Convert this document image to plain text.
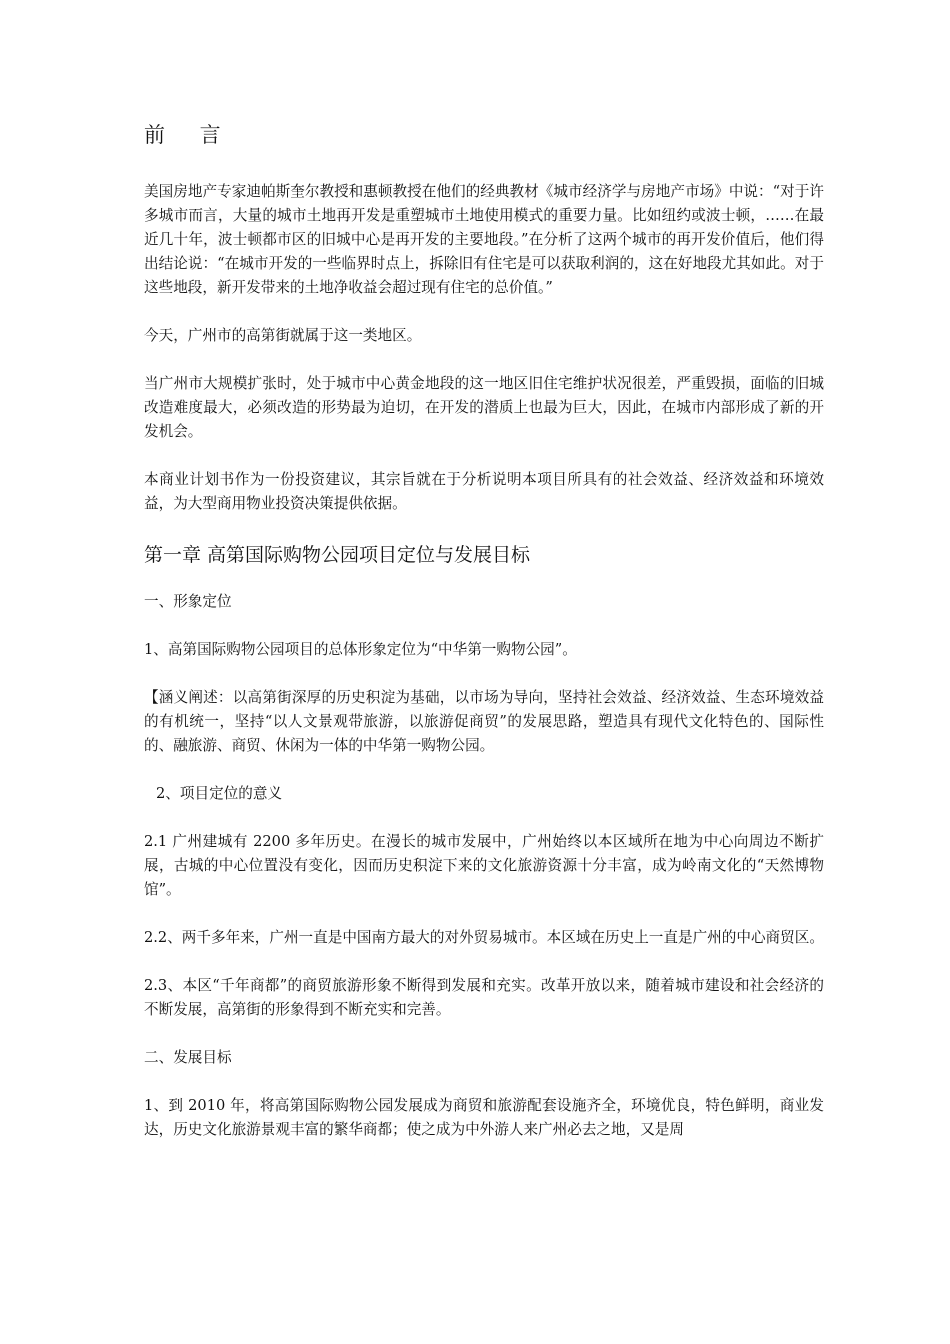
前 言

美国房地产专家迪帕斯奎尔教授和惠顿教授在他们的经典教材《城市经济学与房地产市场》中说：“对于许多城市而言，大量的城市土地再开发是重塑城市土地使用模式的重要力量。比如纽约或波士顿，……在最近几十年，波士顿都市区的旧城中心是再开发的主要地段。”在分析了这两个城市的再开发价值后，他们得出结论说：“在城市开发的一些临界时点上，拆除旧有住宅是可以获取利润的，这在好地段尤其如此。对于这些地段，新开发带来的土地净收益会超过现有住宅的总价值。”

今天，广州市的高第街就属于这一类地区。

当广州市大规模扩张时，处于城市中心黄金地段的这一地区旧住宅维护状况很差，严重毁损，面临的旧城改造难度最大，必须改造的形势最为迫切，在开发的潜质上也最为巨大，因此，在城市内部形成了新的开发机会。

本商业计划书作为一份投资建议，其宗旨就在于分析说明本项目所具有的社会效益、经济效益和环境效益，为大型商用物业投资决策提供依据。

第一章 高第国际购物公园项目定位与发展目标

一、形象定位

1、高第国际购物公园项目的总体形象定位为“中华第一购物公园”。

【涵义阐述：以高第街深厚的历史积淀为基础，以市场为导向，坚持社会效益、经济效益、生态环境效益的有机统一，坚持“以人文景观带旅游，以旅游促商贸”的发展思路，塑造具有现代文化特色的、国际性的、融旅游、商贸、休闲为一体的中华第一购物公园。

2、项目定位的意义

2.1 广州建城有 2200 多年历史。在漫长的城市发展中，广州始终以本区域所在地为中心向周边不断扩展，古城的中心位置没有变化，因而历史积淀下来的文化旅游资源十分丰富，成为岭南文化的“天然博物馆”。

2.2、两千多年来，广州一直是中国南方最大的对外贸易城市。本区域在历史上一直是广州的中心商贸区。

2.3、本区“千年商都”的商贸旅游形象不断得到发展和充实。改革开放以来，随着城市建设和社会经济的不断发展，高第街的形象得到不断充实和完善。

二、发展目标

1、到 2010 年，将高第国际购物公园发展成为商贸和旅游配套设施齐全，环境优良，特色鲜明，商业发达，历史文化旅游景观丰富的繁华商都；使之成为中外游人来广州必去之地，又是周
